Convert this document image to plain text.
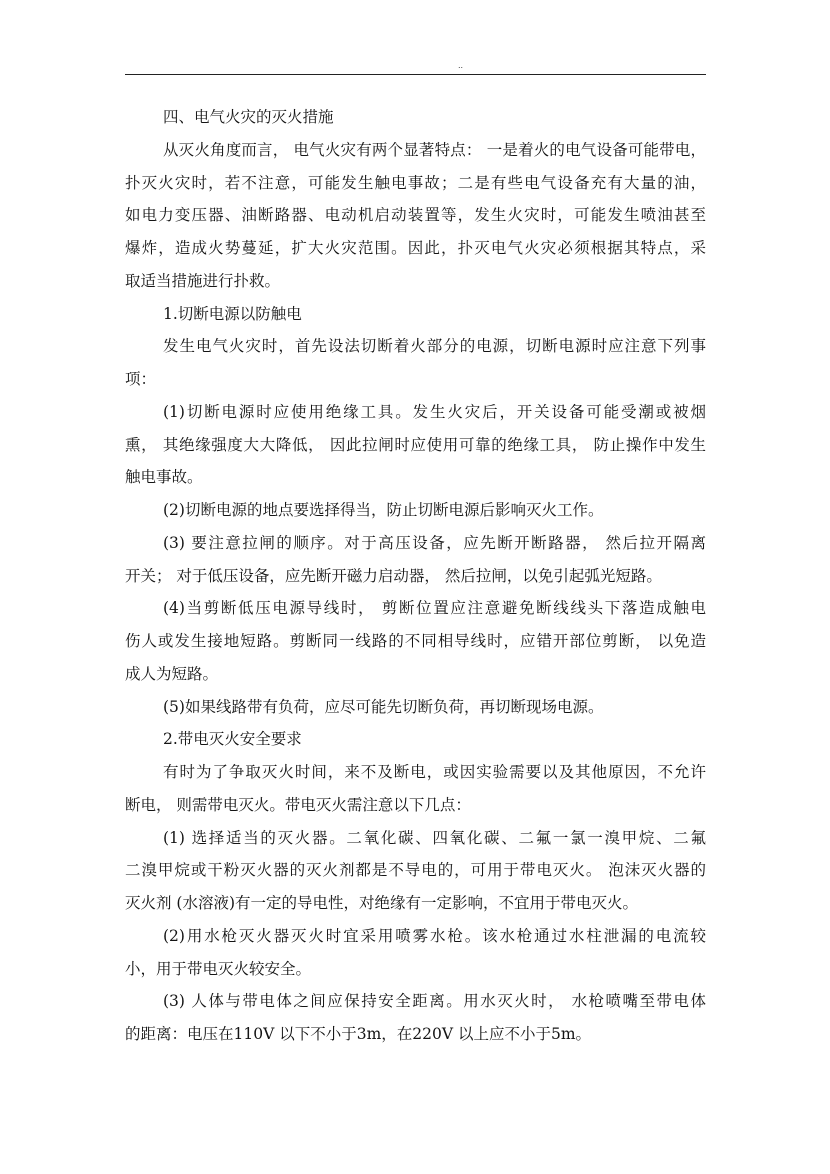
..
四、电气火灾的灭火措施
从灭火角度而言， 电气火灾有两个显著特点： 一是着火的电气设备可能带电，
扑灭火灾时，若不注意，可能发生触电事故；二是有些电气设备充有大量的油，
如电力变压器、油断路器、电动机启动装置等，发生火灾时，可能发生喷油甚至
爆炸，造成火势蔓延，扩大火灾范围。因此，扑灭电气火灾必须根据其特点，采
取适当措施进行扑救。
1.切断电源以防触电
发生电气火灾时，首先设法切断着火部分的电源，切断电源时应注意下列事
项：
(1)切断电源时应使用绝缘工具。发生火灾后，开关设备可能受潮或被烟
熏， 其绝缘强度大大降低， 因此拉闸时应使用可靠的绝缘工具， 防止操作中发生
触电事故。
(2)切断电源的地点要选择得当，防止切断电源后影响灭火工作。
(3) 要注意拉闸的顺序。对于高压设备，应先断开断路器， 然后拉开隔离
开关； 对于低压设备，应先断开磁力启动器， 然后拉闸，以免引起弧光短路。
(4)当剪断低压电源导线时， 剪断位置应注意避免断线线头下落造成触电
伤人或发生接地短路。剪断同一线路的不同相导线时，应错开部位剪断， 以免造
成人为短路。
(5)如果线路带有负荷，应尽可能先切断负荷，再切断现场电源。
2.带电灭火安全要求
有时为了争取灭火时间，来不及断电，或因实验需要以及其他原因，不允许
断电， 则需带电灭火。带电灭火需注意以下几点：
(1) 选择适当的灭火器。二氧化碳、四氧化碳、二氟一氯一溴甲烷、二氟
二溴甲烷或干粉灭火器的灭火剂都是不导电的，可用于带电灭火。 泡沫灭火器的
灭火剂 (水溶液)有一定的导电性，对绝缘有一定影响，不宜用于带电灭火。
(2)用水枪灭火器灭火时宜采用喷雾水枪。该水枪通过水柱泄漏的电流较
小，用于带电灭火较安全。
(3) 人体与带电体之间应保持安全距离。用水灭火时， 水枪喷嘴至带电体
的距离：电压在110V 以下不小于3m，在220V 以上应不小于5m。
